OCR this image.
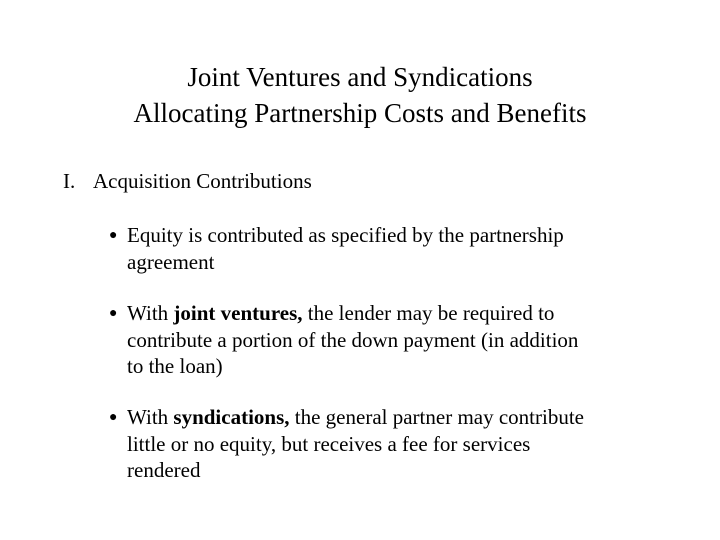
Joint Ventures and Syndications
Allocating Partnership Costs and Benefits
I. Acquisition Contributions
● Equity is contributed as specified by the partnership
agreement
● With joint ventures, the lender may be required to
contribute a portion of the down payment (in addition
to the loan)
● With syndications, the general partner may contribute
little or no equity, but receives a fee for services
rendered
